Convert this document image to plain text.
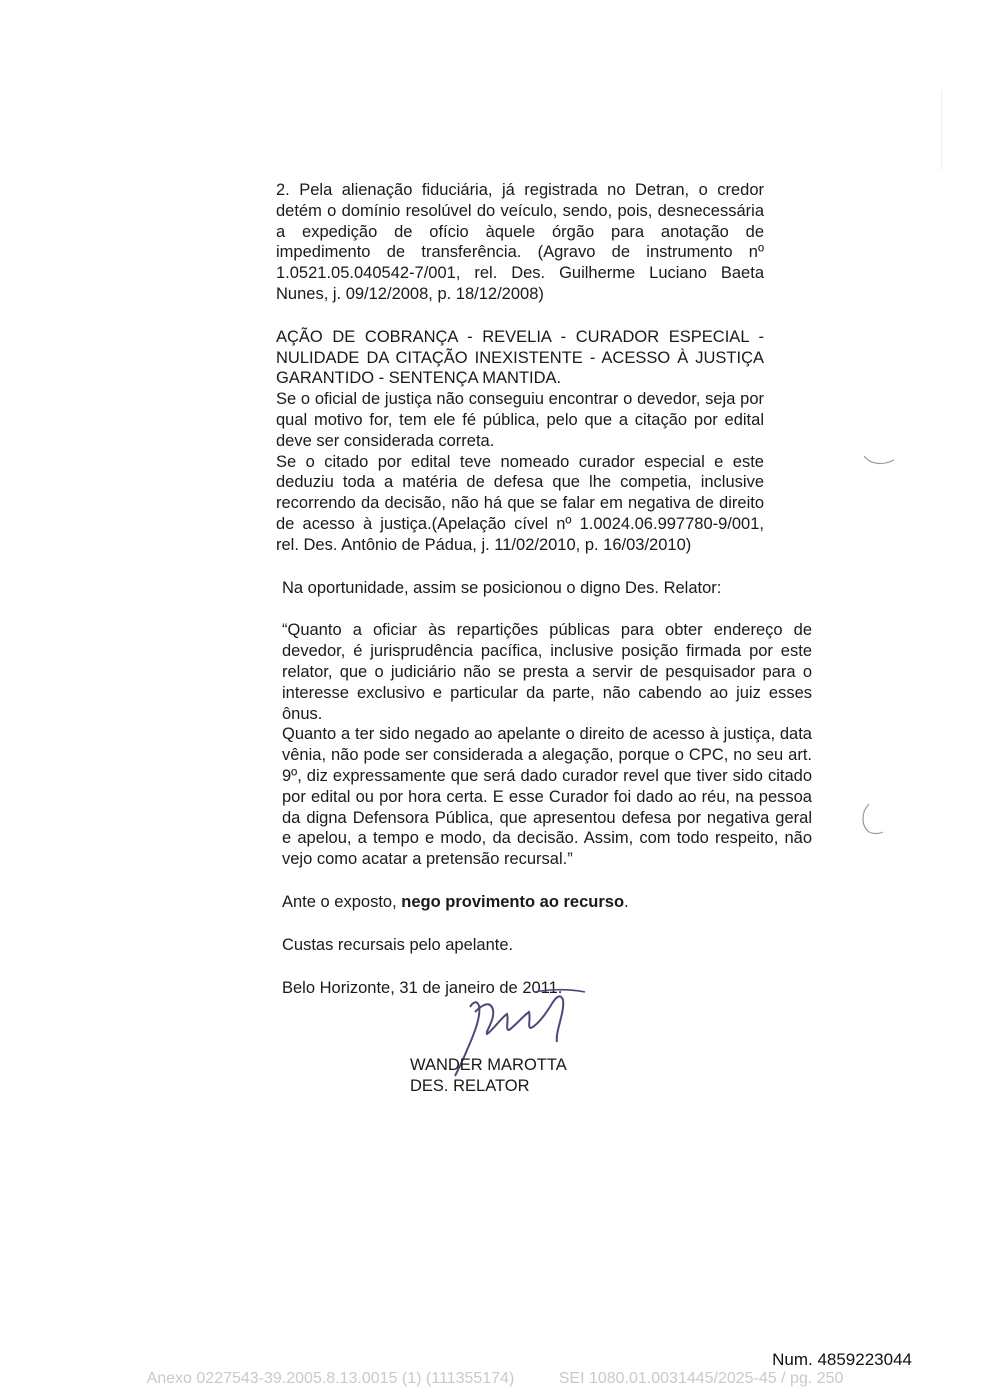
2. Pela alienação fiduciária, já registrada no Detran, o credor detém o domínio resolúvel do veículo, sendo, pois, desnecessária a expedição de ofício àquele órgão para anotação de impedimento de transferência. (Agravo de instrumento nº 1.0521.05.040542-7/001, rel. Des. Guilherme Luciano Baeta Nunes, j. 09/12/2008, p. 18/12/2008)

AÇÃO DE COBRANÇA - REVELIA - CURADOR ESPECIAL - NULIDADE DA CITAÇÃO INEXISTENTE - ACESSO À JUSTIÇA GARANTIDO - SENTENÇA MANTIDA.

Se o oficial de justiça não conseguiu encontrar o devedor, seja por qual motivo for, tem ele fé pública, pelo que a citação por edital deve ser considerada correta.

Se o citado por edital teve nomeado curador especial e este deduziu toda a matéria de defesa que lhe competia, inclusive recorrendo da decisão, não há que se falar em negativa de direito de acesso à justiça.(Apelação cível nº 1.0024.06.997780-9/001, rel. Des. Antônio de Pádua, j. 11/02/2010, p. 16/03/2010)

Na oportunidade, assim se posicionou o digno Des. Relator:

“Quanto a oficiar às repartições públicas para obter endereço de devedor, é jurisprudência pacífica, inclusive posição firmada por este relator, que o judiciário não se presta a servir de pesquisador para o interesse exclusivo e particular da parte, não cabendo ao juiz esses ônus.

Quanto a ter sido negado ao apelante o direito de acesso à justiça, data vênia, não pode ser considerada a alegação, porque o CPC, no seu art. 9º, diz expressamente que será dado curador revel que tiver sido citado por edital ou por hora certa. E esse Curador foi dado ao réu, na pessoa da digna Defensora Pública, que apresentou defesa por negativa geral e apelou, a tempo e modo, da decisão. Assim, com todo respeito, não vejo como acatar a pretensão recursal.”

Ante o exposto, nego provimento ao recurso.

Custas recursais pelo apelante.

Belo Horizonte, 31 de janeiro de 2011.

WANDER MAROTTA
DES. RELATOR
Num. 4859223044
Anexo 0227543-39.2005.8.13.0015 (1) (111355174)          SEI 1080.01.0031445/2025-45 / pg. 250
